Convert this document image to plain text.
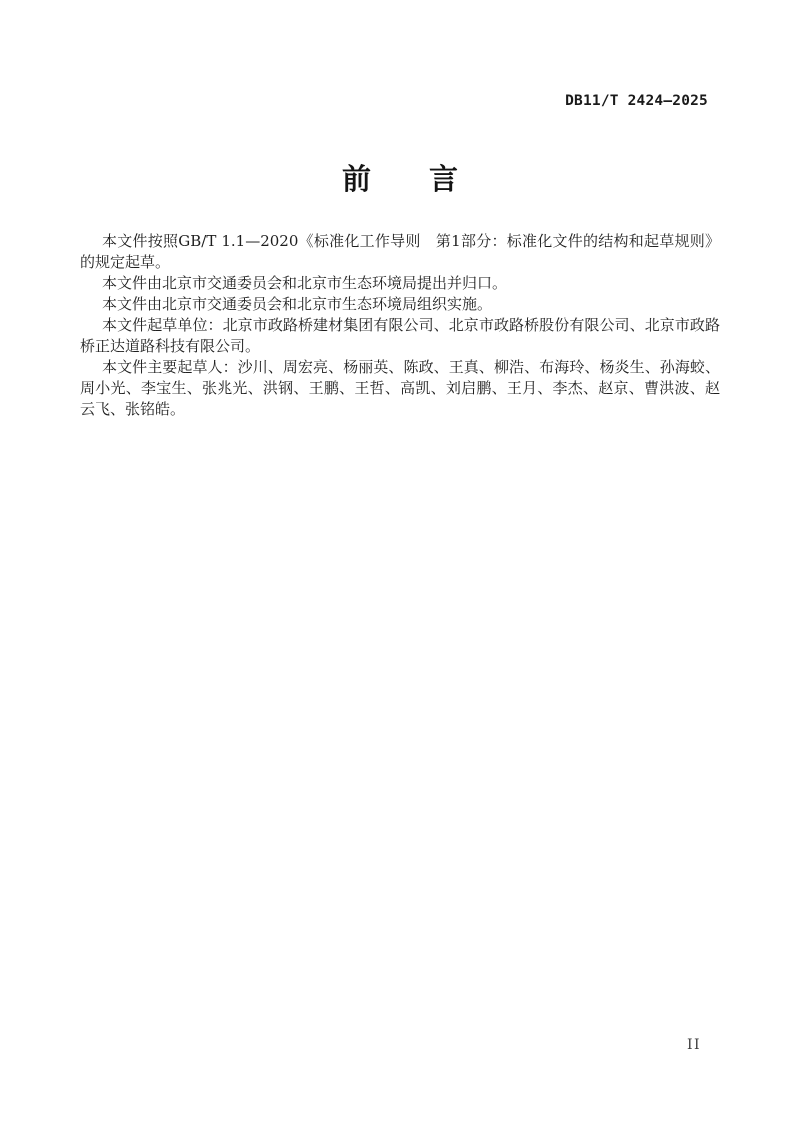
DB11/T 2424—2025
前　　言

本文件按照GB/T 1.1—2020《标准化工作导则　第1部分：标准化文件的结构和起草规则》的规定起草。

本文件由北京市交通委员会和北京市生态环境局提出并归口。

本文件由北京市交通委员会和北京市生态环境局组织实施。

本文件起草单位：北京市政路桥建材集团有限公司、北京市政路桥股份有限公司、北京市政路桥正达道路科技有限公司。

本文件主要起草人：沙川、周宏亮、杨丽英、陈政、王真、柳浩、布海玲、杨炎生、孙海蛟、周小光、李宝生、张兆光、洪钢、王鹏、王哲、高凯、刘启鹏、王月、李杰、赵京、曹洪波、赵云飞、张铭皓。

II
